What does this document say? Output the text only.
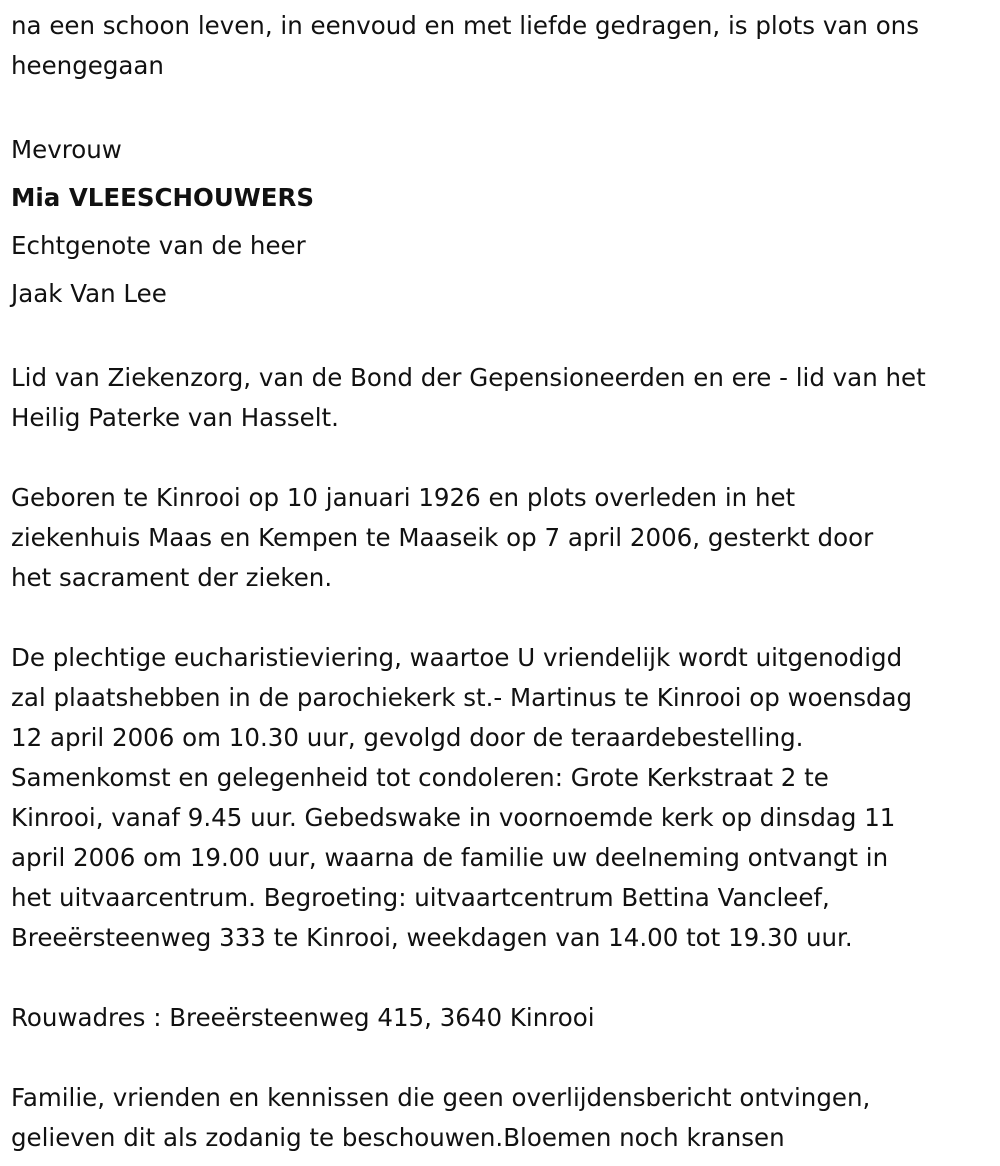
na een schoon leven, in eenvoud en met liefde gedragen, is plots van ons
heengegaan
Mevrouw
Mia VLEESCHOUWERS
Echtgenote van de heer
Jaak Van Lee
Lid van Ziekenzorg, van de Bond der Gepensioneerden en ere - lid van het
Heilig Paterke van Hasselt.
Geboren te Kinrooi op 10 januari 1926 en plots overleden in het
ziekenhuis Maas en Kempen te Maaseik op 7 april 2006, gesterkt door
het sacrament der zieken.
De plechtige eucharistieviering, waartoe U vriendelijk wordt uitgenodigd
zal plaatshebben in de parochiekerk st.- Martinus te Kinrooi op woensdag
12 april 2006 om 10.30 uur, gevolgd door de teraardebestelling.
Samenkomst en gelegenheid tot condoleren: Grote Kerkstraat 2 te
Kinrooi, vanaf 9.45 uur. Gebedswake in voornoemde kerk op dinsdag 11
april 2006 om 19.00 uur, waarna de familie uw deelneming ontvangt in
het uitvaarcentrum. Begroeting: uitvaartcentrum Bettina Vancleef,
Breeërsteenweg 333 te Kinrooi, weekdagen van 14.00 tot 19.30 uur.
Rouwadres : Breeërsteenweg 415, 3640 Kinrooi
Familie, vrienden en kennissen die geen overlijdensbericht ontvingen,
gelieven dit als zodanig te beschouwen.Bloemen noch kransen
